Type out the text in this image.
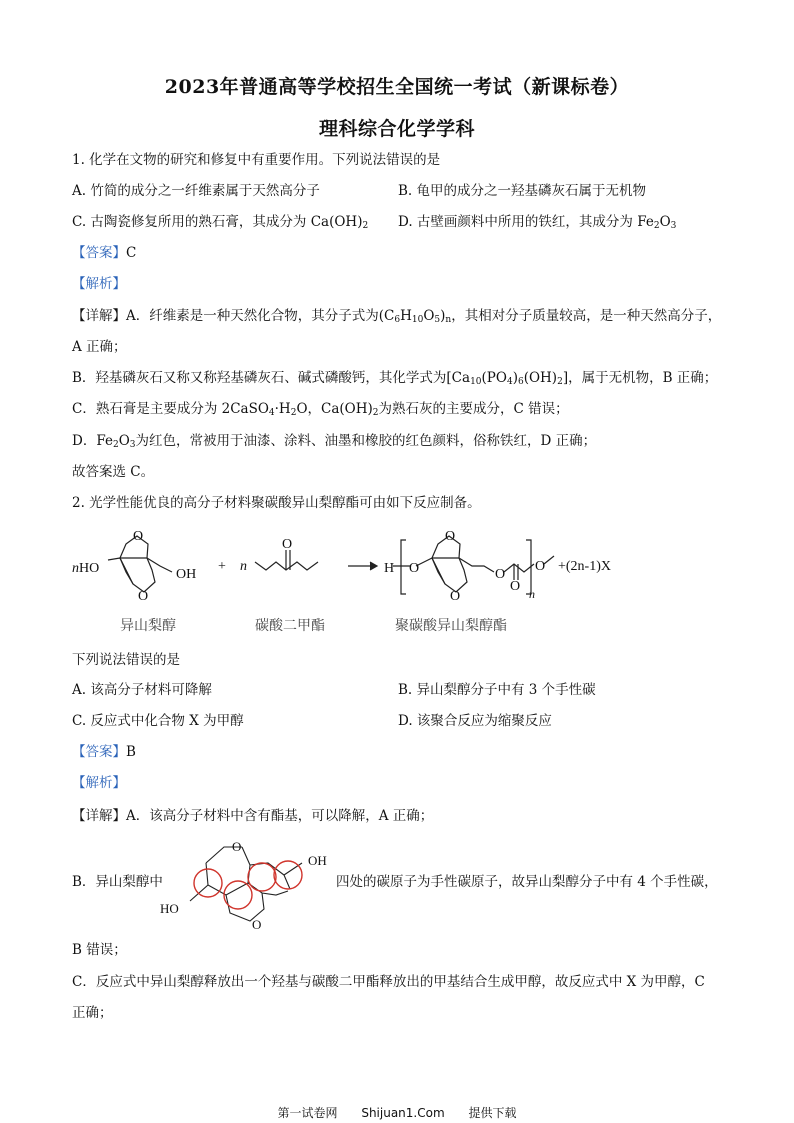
2023年普通高等学校招生全国统一考试（新课标卷）
理科综合化学学科
1. 化学在文物的研究和修复中有重要作用。下列说法错误的是
A. 竹简的成分之一纤维素属于天然高分子	B. 龟甲的成分之一羟基磷灰石属于无机物
C. 古陶瓷修复所用的熟石膏，其成分为 $Ca(OH)_2$ D. 古壁画颜料中所用的铁红，其成分为 $Fe_2O_3$
【答案】C
【解析】
【详解】A．纤维素是一种天然化合物，其分子式为$(C_6H_{10}O_5)_n$，其相对分子质量较高，是一种天然高分子，
A 正确；
B．羟基磷灰石又称又称羟基磷灰石、碱式磷酸钙，其化学式为$[Ca_{10}(PO_4)_6(OH)_2]$，属于无机物，B 正确；
C．熟石膏是主要成分为 $2CaSO_4\cdot H_2O$，$Ca(OH)_2$为熟石灰的主要成分，C 错误；
D．$Fe_2O_3$为红色，常被用于油漆、涂料、油墨和橡胶的红色颜料，俗称铁红，D 正确；
故答案选 C。
2. 光学性能优良的高分子材料聚碳酸异山梨醇酯可由如下反应制备。
nHO	OH
O
O
+ n
O
H O
O
O
O
O
O
n
+(2n-1)X
异山梨醇	碳酸二甲酯	聚碳酸异山梨醇酯
下列说法错误的是
A. 该高分子材料可降解	B. 异山梨醇分子中有 3 个手性碳
C. 反应式中化合物 X 为甲醇	D. 该聚合反应为缩聚反应
【答案】B
【解析】
【详解】A．该高分子材料中含有酯基，可以降解，A 正确；
B．异山梨醇中
O
O
OH
HO
四处的碳原子为手性碳原子，故异山梨醇分子中有 4 个手性碳，
B 错误；
C．反应式中异山梨醇释放出一个羟基与碳酸二甲酯释放出的甲基结合生成甲醇，故反应式中 X 为甲醇，C
正确；
第一试卷网 Shijuan1.Com 提供下载
